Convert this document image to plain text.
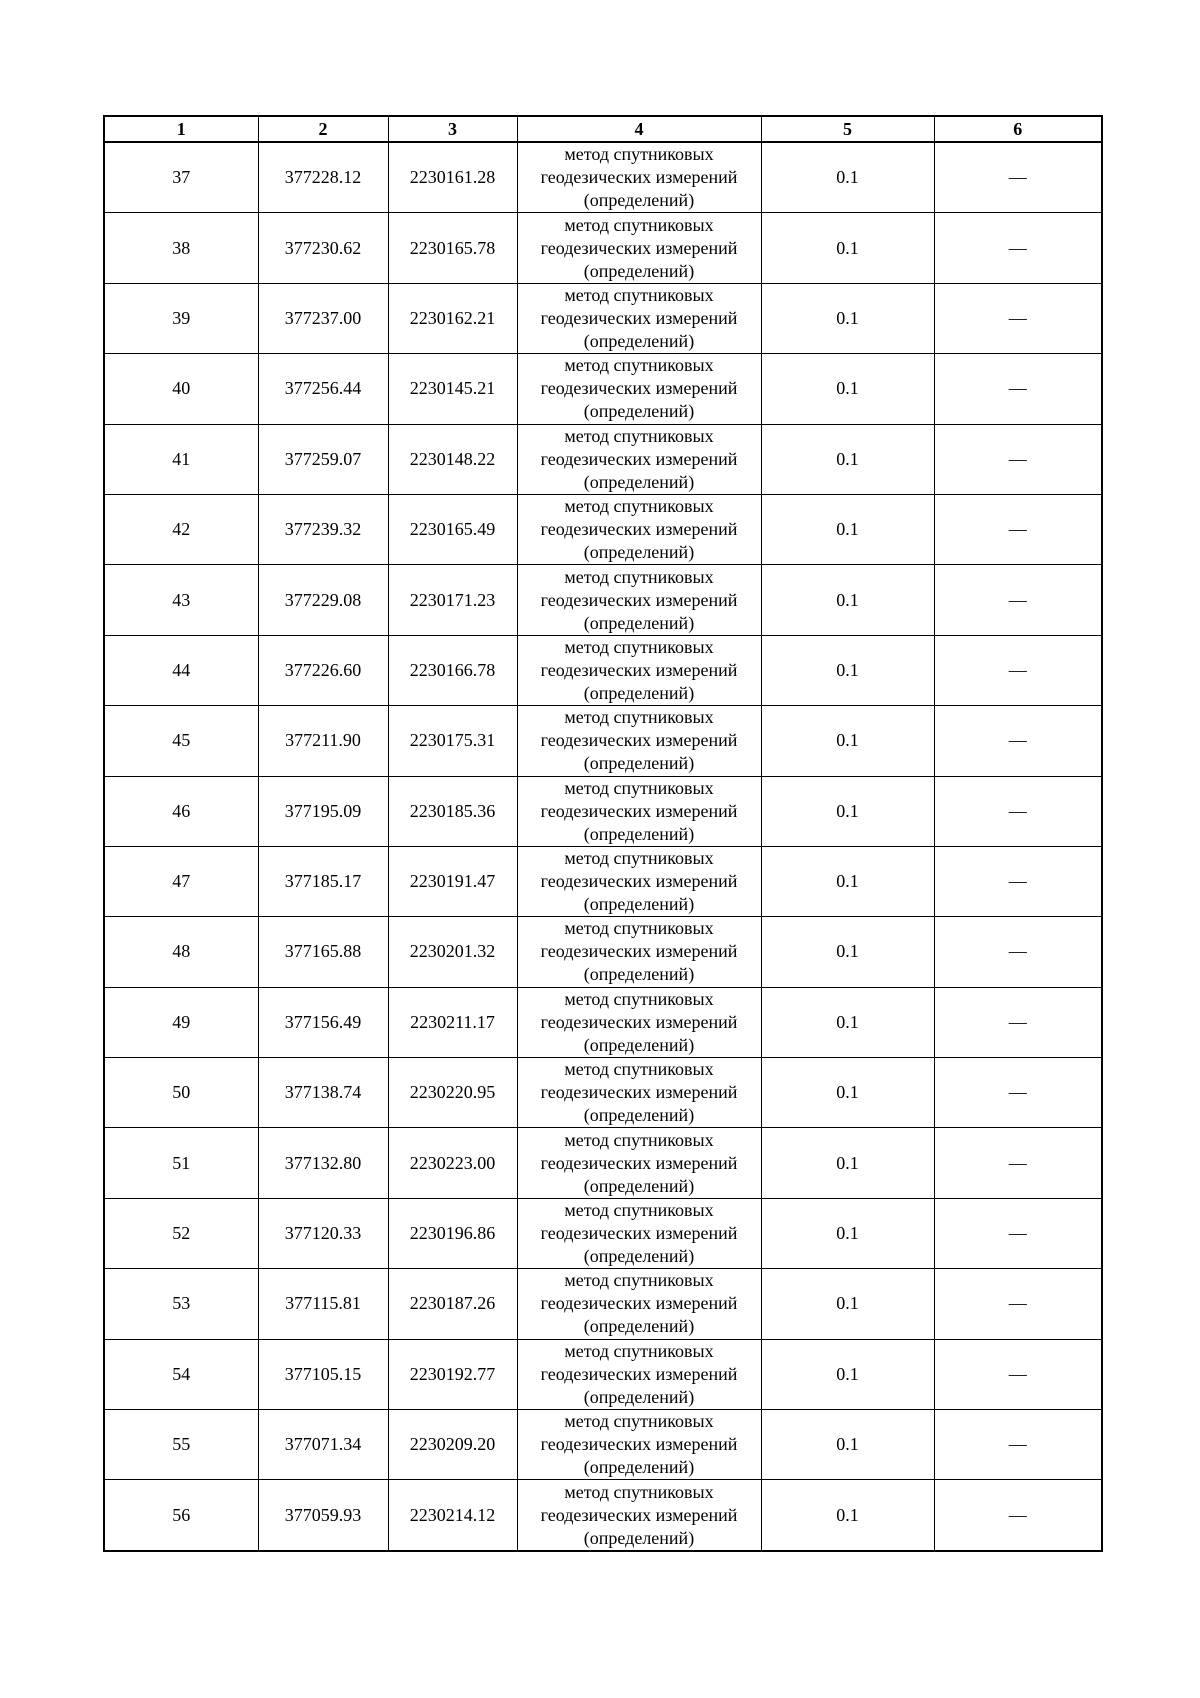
1	2	3	4	5	6
37	377228.12	2230161.28	метод спутниковых
геодезических измерений
(определений)	0.1	—
38	377230.62	2230165.78	метод спутниковых
геодезических измерений
(определений)	0.1	—
39	377237.00	2230162.21	метод спутниковых
геодезических измерений
(определений)	0.1	—
40	377256.44	2230145.21	метод спутниковых
геодезических измерений
(определений)	0.1	—
41	377259.07	2230148.22	метод спутниковых
геодезических измерений
(определений)	0.1	—
42	377239.32	2230165.49	метод спутниковых
геодезических измерений
(определений)	0.1	—
43	377229.08	2230171.23	метод спутниковых
геодезических измерений
(определений)	0.1	—
44	377226.60	2230166.78	метод спутниковых
геодезических измерений
(определений)	0.1	—
45	377211.90	2230175.31	метод спутниковых
геодезических измерений
(определений)	0.1	—
46	377195.09	2230185.36	метод спутниковых
геодезических измерений
(определений)	0.1	—
47	377185.17	2230191.47	метод спутниковых
геодезических измерений
(определений)	0.1	—
48	377165.88	2230201.32	метод спутниковых
геодезических измерений
(определений)	0.1	—
49	377156.49	2230211.17	метод спутниковых
геодезических измерений
(определений)	0.1	—
50	377138.74	2230220.95	метод спутниковых
геодезических измерений
(определений)	0.1	—
51	377132.80	2230223.00	метод спутниковых
геодезических измерений
(определений)	0.1	—
52	377120.33	2230196.86	метод спутниковых
геодезических измерений
(определений)	0.1	—
53	377115.81	2230187.26	метод спутниковых
геодезических измерений
(определений)	0.1	—
54	377105.15	2230192.77	метод спутниковых
геодезических измерений
(определений)	0.1	—
55	377071.34	2230209.20	метод спутниковых
геодезических измерений
(определений)	0.1	—
56	377059.93	2230214.12	метод спутниковых
геодезических измерений
(определений)	0.1	—
